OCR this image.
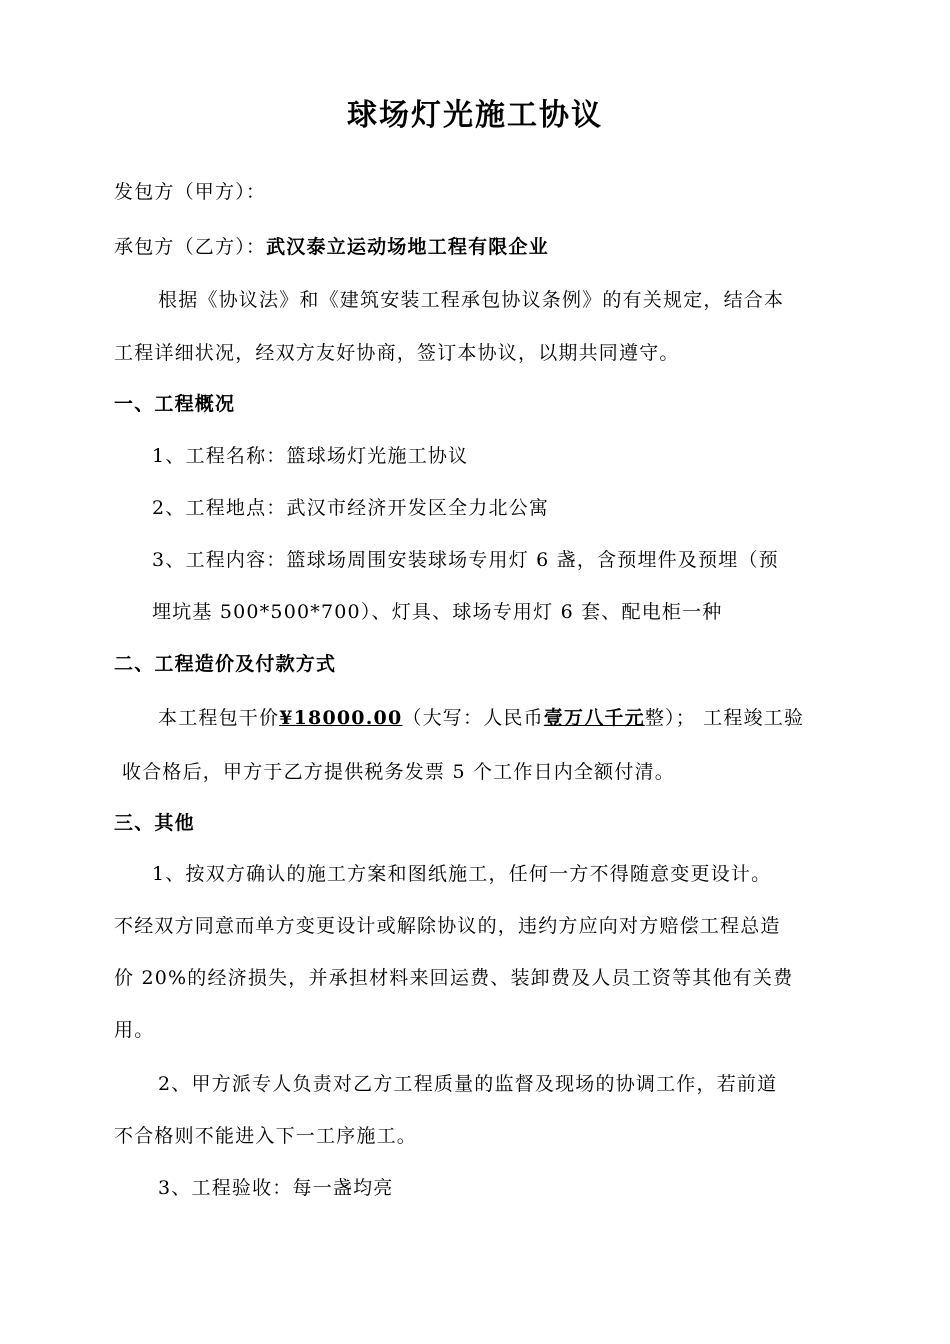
球场灯光施工协议
发包方（甲方）：
承包方（乙方）：武汉泰立运动场地工程有限企业
根据《协议法》和《建筑安装工程承包协议条例》的有关规定，结合本
工程详细状况，经双方友好协商，签订本协议，以期共同遵守。
一、工程概况
1、工程名称：篮球场灯光施工协议
2、工程地点：武汉市经济开发区全力北公寓
3、工程内容：篮球场周围安装球场专用灯 6 盏，含预埋件及预埋（预
埋坑基 500*500*700）、灯具、球场专用灯 6 套、配电柜一种
二、工程造价及付款方式
本工程包干价¥18000.00（大写：人民币壹万八千元整）； 工程竣工验
收合格后，甲方于乙方提供税务发票 5 个工作日内全额付清。
三、其他
1、按双方确认的施工方案和图纸施工，任何一方不得随意变更设计。
不经双方同意而单方变更设计或解除协议的，违约方应向对方赔偿工程总造
价 20%的经济损失，并承担材料来回运费、装卸费及人员工资等其他有关费
用。
2、甲方派专人负责对乙方工程质量的监督及现场的协调工作，若前道
不合格则不能进入下一工序施工。
3、工程验收：每一盏均亮
